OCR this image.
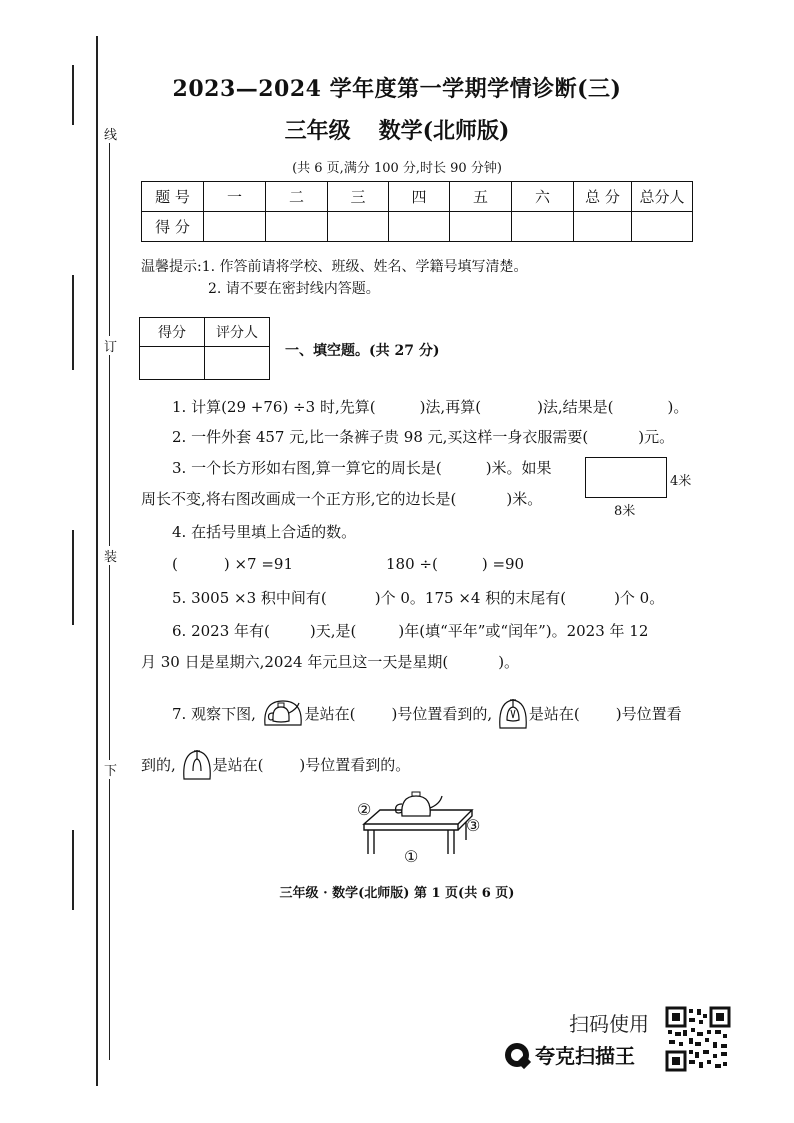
线
订
装
下
2023—2024 学年度第一学期学情诊断(三)
三年级 数学(北师版)
(共 6 页,满分 100 分,时长 90 分钟)
题 号	一	二	三	四	五	六	总 分	总分人
得 分								
温馨提示:1. 作答前请将学校、班级、姓名、学籍号填写清楚。
2. 请不要在密封线内答题。
得分	评分人

一、填空题。(共 27 分)
1. 计算(29 +76) ÷3 时,先算(	)法,再算(	)法,结果是(	)。
2. 一件外套 457 元,比一条裤子贵 98 元,买这样一身衣服需要(	)元。
3. 一个长方形如右图,算一算它的周长是(	)米。如果
周长不变,将右图改画成一个正方形,它的边长是(	)米。
4米
8米
4. 在括号里填上合适的数。
(	) ×7 =91	180 ÷(	) =90
5. 3005 ×3 积中间有(	)个 0。175 ×4 积的末尾有(	)个 0。
6. 2023 年有(	)天,是(	)年(填“平年”或“闰年”)。2023 年 12
月 30 日是星期六,2024 年元旦这一天是星期(	)。
7. 观察下图,	是站在( )号位置看到的, 是站在( )号位置看
到的, 是站在( )号位置看到的。
①
②
③
三年级 · 数学(北师版) 第 1 页(共 6 页)
扫码使用
夸克扫描王
